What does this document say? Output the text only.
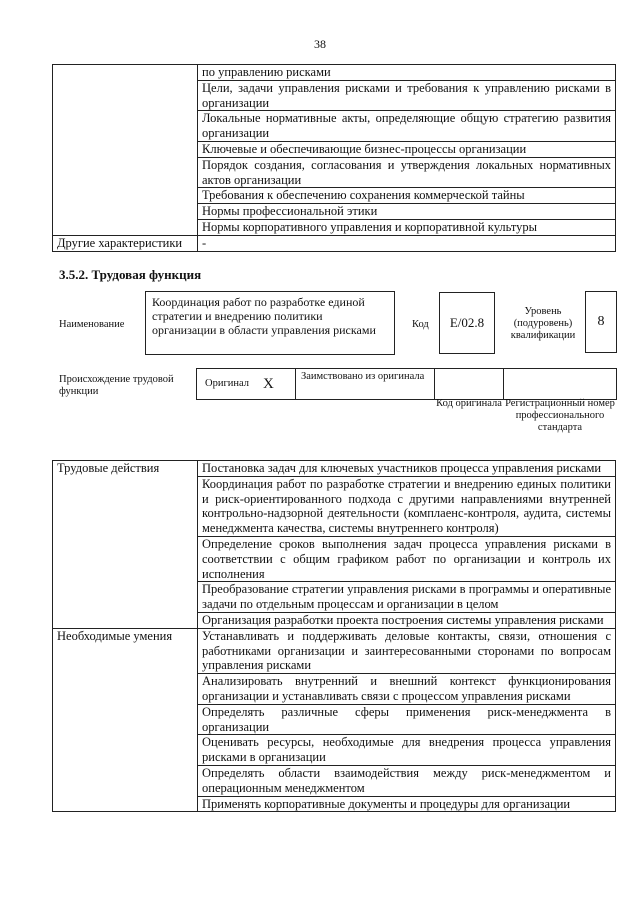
38
	по управлению рисками
	Цели, задачи управления рисками и требования к управлению рисками в организации
	Локальные нормативные акты, определяющие общую стратегию развития организации
	Ключевые и обеспечивающие бизнес-процессы организации
	Порядок создания, согласования и утверждения локальных нормативных актов организации
	Требования к обеспечению сохранения коммерческой тайны
	Нормы профессиональной этики
	Нормы корпоративного управления и корпоративной культуры
Другие характеристики	-
3.5.2. Трудовая функция
Наименование
Координация работ по разработке единой стратегии и внедрению политики организации в области управления рисками	Код	E/02.8
Уровень (подуровень) квалификации
8
Происхождение трудовой функции
Оригинал X	Заимствовано из оригинала
Код оригинала Регистрационный номер профессионального стандарта
Трудовые действия	Постановка задач для ключевых участников процесса управления рисками
	Координация работ по разработке стратегии и внедрению единых политики и риск-ориентированного подхода с другими направлениями внутренней контрольно-надзорной деятельности (комплаенс-контроля, аудита, системы менеджмента качества, системы внутреннего контроля)
	Определение сроков выполнения задач процесса управления рисками в соответствии с общим графиком работ по организации и контроль их исполнения
	Преобразование стратегии управления рисками в программы и оперативные задачи по отдельным процессам и организации в целом
	Организация разработки проекта построения системы управления рисками
Необходимые умения	Устанавливать и поддерживать деловые контакты, связи, отношения с работниками организации и заинтересованными сторонами по вопросам управления рисками
	Анализировать внутренний и внешний контекст функционирования организации и устанавливать связи с процессом управления рисками
	Определять различные сферы применения риск-менеджмента в организации
	Оценивать ресурсы, необходимые для внедрения процесса управления рисками в организации
	Определять области взаимодействия между риск-менеджментом и операционным менеджментом
	Применять корпоративные документы и процедуры для организации
